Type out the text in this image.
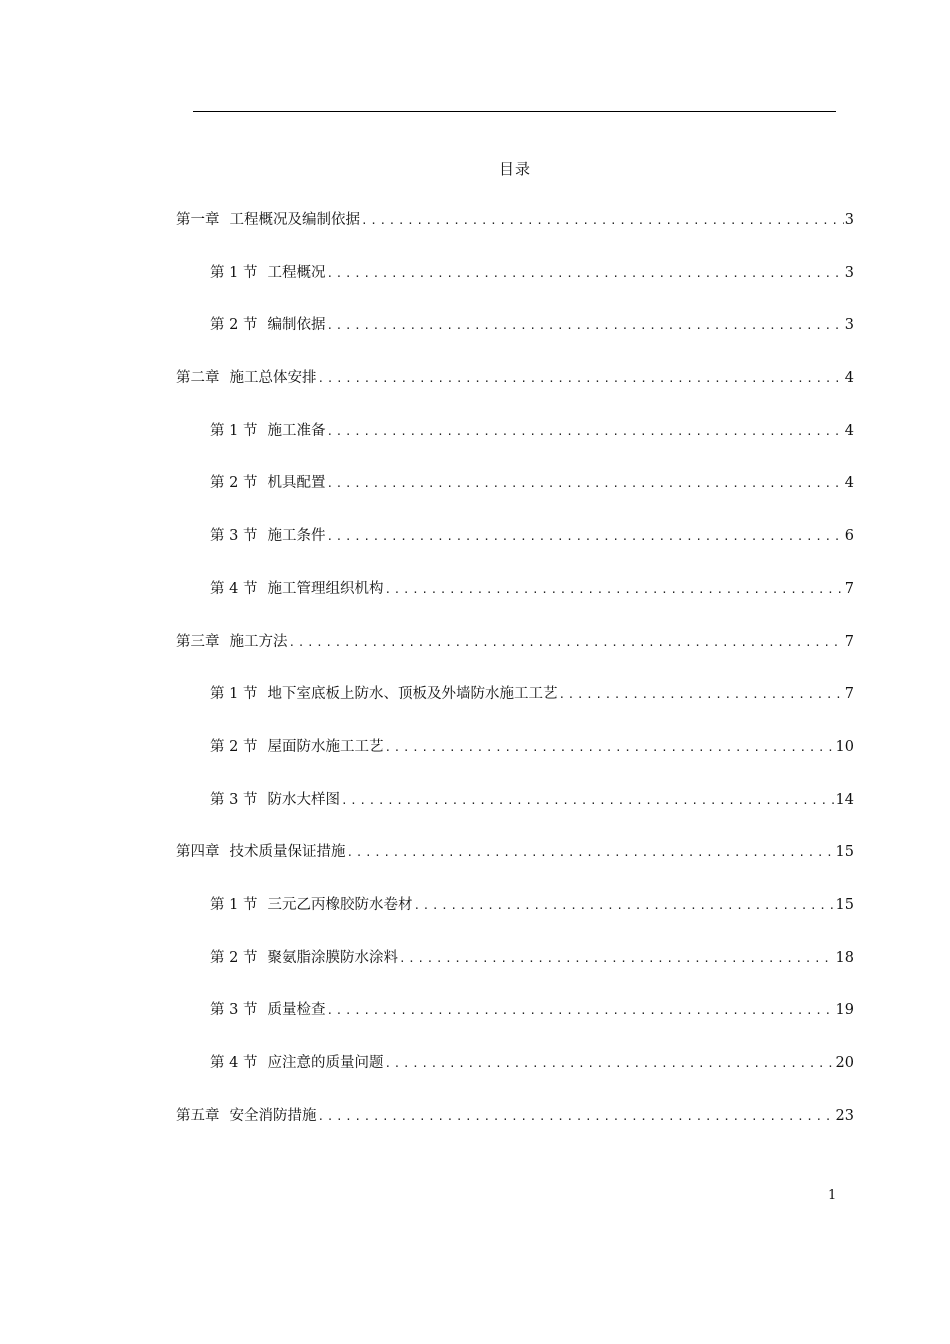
目录
第一章 工程概况及编制依据 .....	3
第 1 节 工程概况 .....	3
第 2 节 编制依据 .....	3
第二章 施工总体安排 .....	4
第 1 节 施工准备 .....	4
第 2 节 机具配置 .....	4
第 3 节 施工条件 .....	6
第 4 节 施工管理组织机构 .....	7
第三章 施工方法 .....	7
第 1 节 地下室底板上防水、顶板及外墙防水施工工艺 .....	7
第 2 节 屋面防水施工工艺 .....	10
第 3 节 防水大样图 .....	14
第四章 技术质量保证措施 .....	15
第 1 节 三元乙丙橡胶防水卷材 .....	15
第 2 节 聚氨脂涂膜防水涂料 .....	18
第 3 节 质量检查 .....	19
第 4 节 应注意的质量问题 .....	20
第五章 安全消防措施 .....	23
1
